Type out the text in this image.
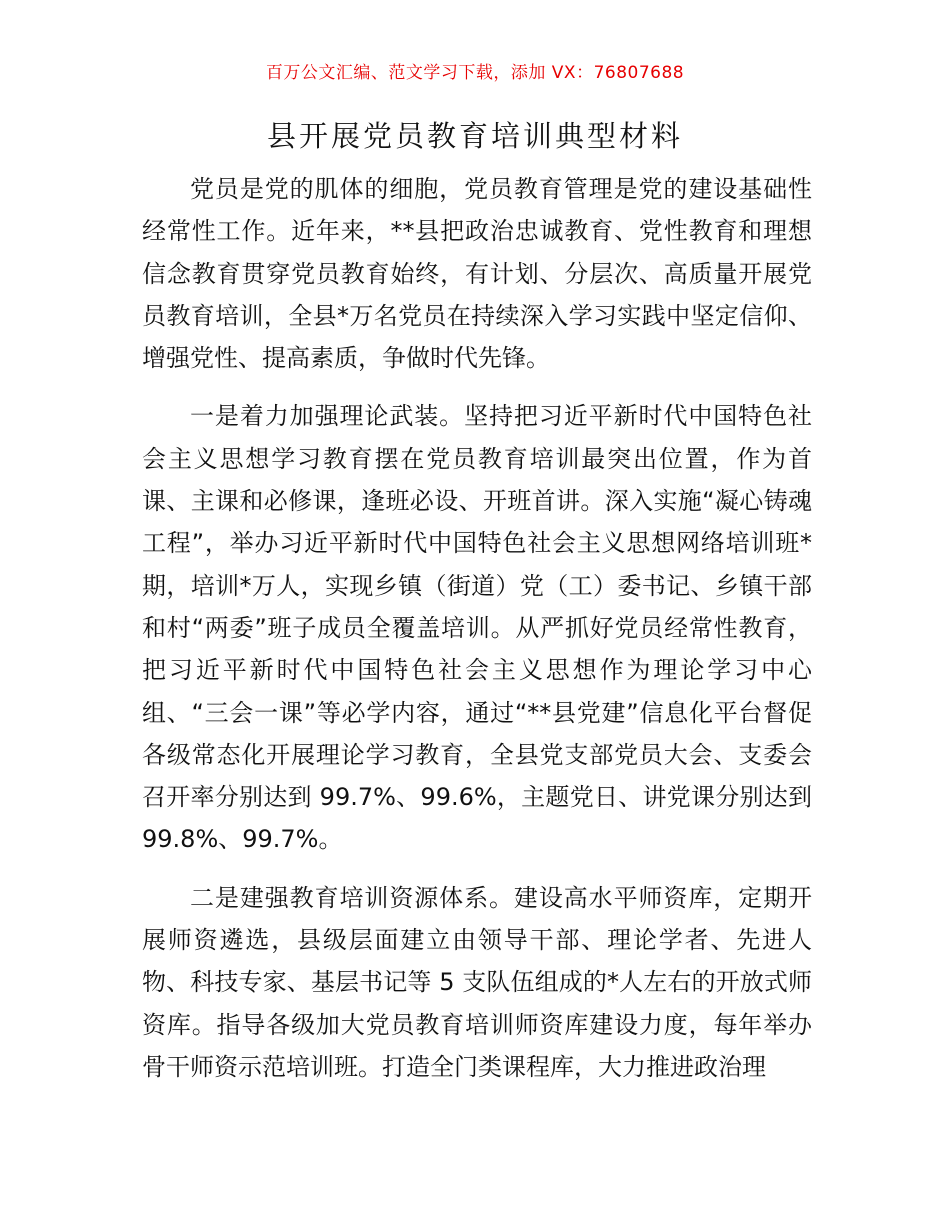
百万公文汇编、范文学习下载，添加 VX：76807688
县开展党员教育培训典型材料

党员是党的肌体的细胞，党员教育管理是党的建设基础性经常性工作。近年来，**县把政治忠诚教育、党性教育和理想信念教育贯穿党员教育始终，有计划、分层次、高质量开展党员教育培训，全县*万名党员在持续深入学习实践中坚定信仰、增强党性、提高素质，争做时代先锋。

一是着力加强理论武装。坚持把习近平新时代中国特色社会主义思想学习教育摆在党员教育培训最突出位置，作为首课、主课和必修课，逢班必设、开班首讲。深入实施“凝心铸魂工程”，举办习近平新时代中国特色社会主义思想网络培训班*期，培训*万人，实现乡镇（街道）党（工）委书记、乡镇干部和村“两委”班子成员全覆盖培训。从严抓好党员经常性教育，把习近平新时代中国特色社会主义思想作为理论学习中心组、“三会一课”等必学内容，通过“**县党建”信息化平台督促各级常态化开展理论学习教育，全县党支部党员大会、支委会召开率分别达到 99.7%、99.6%，主题党日、讲党课分别达到 99.8%、99.7%。

二是建强教育培训资源体系。建设高水平师资库，定期开展师资遴选，县级层面建立由领导干部、理论学者、先进人物、科技专家、基层书记等 5 支队伍组成的*人左右的开放式师资库。指导各级加大党员教育培训师资库建设力度，每年举办骨干师资示范培训班。打造全门类课程库，大力推进政治理
